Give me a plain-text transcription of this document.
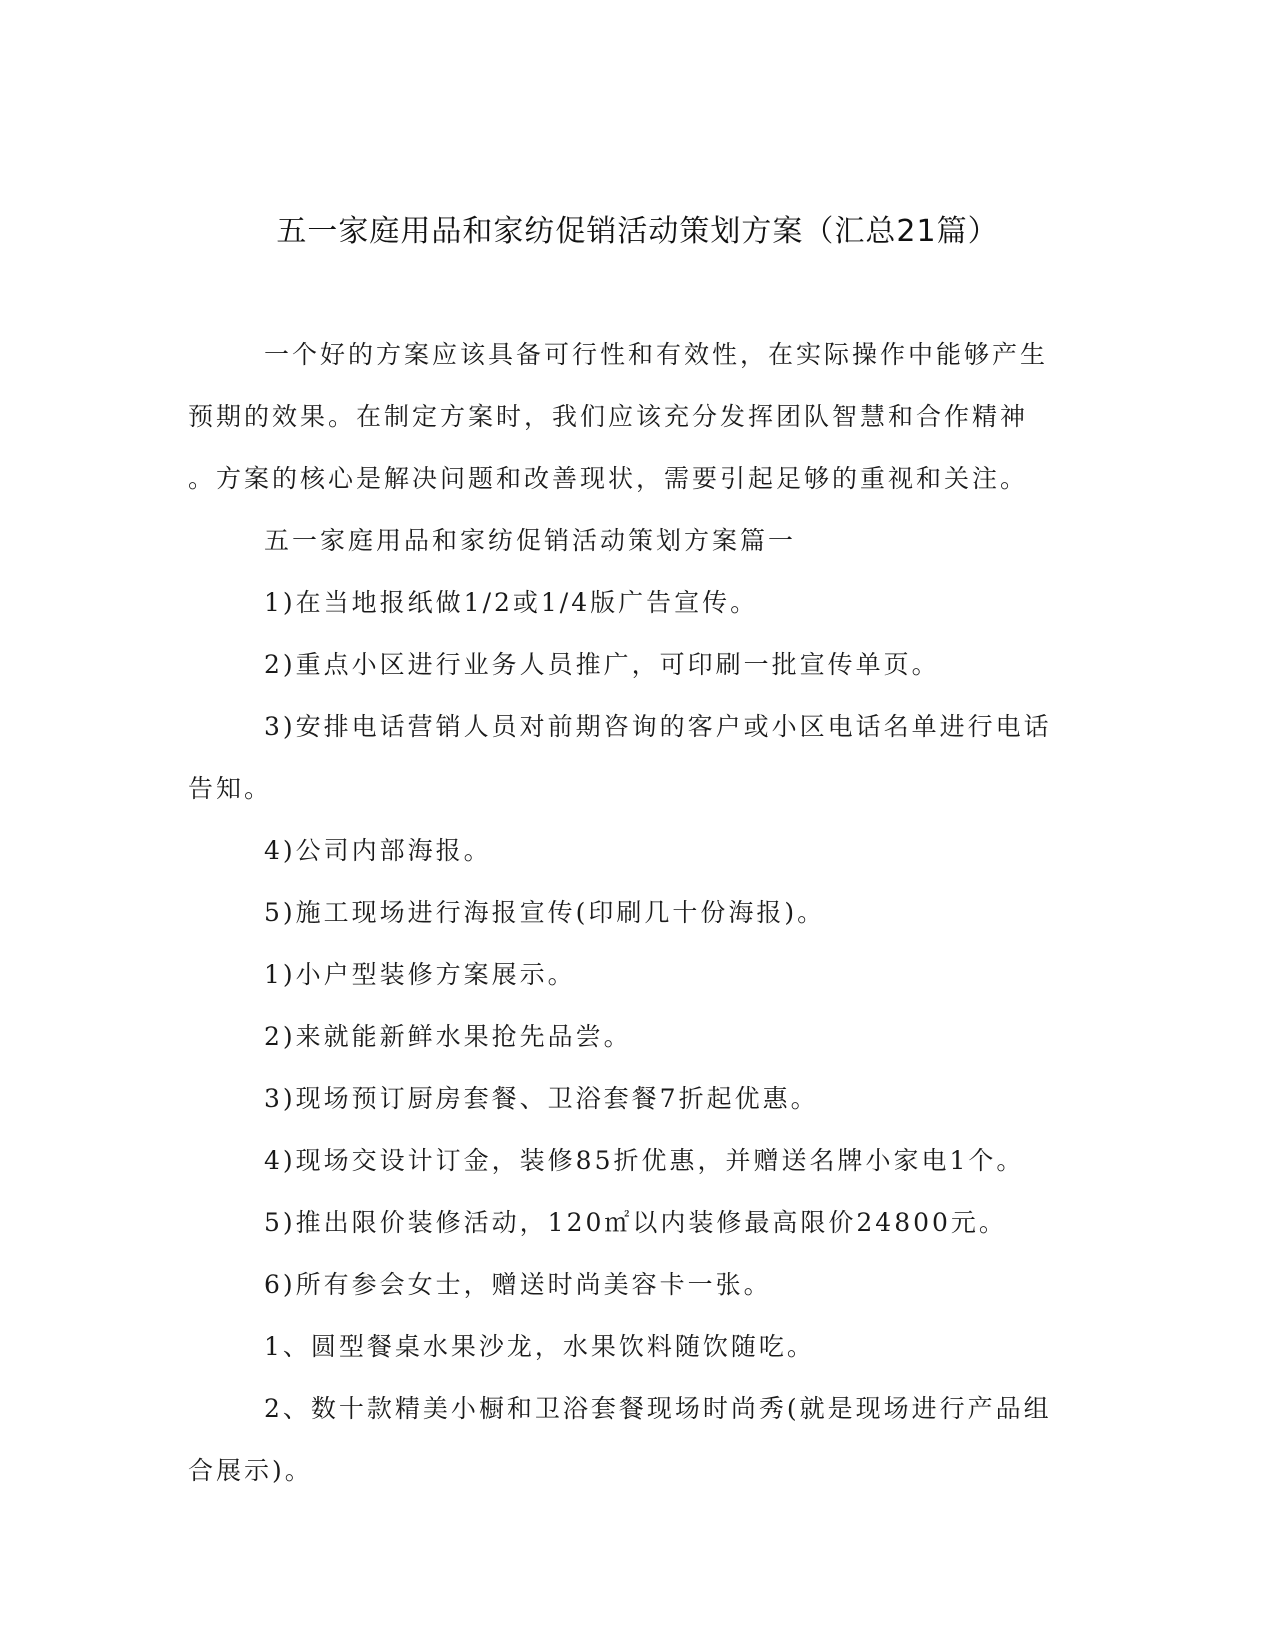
五一家庭用品和家纺促销活动策划方案（汇总21篇）
一个好的方案应该具备可行性和有效性，在实际操作中能够产生
预期的效果。在制定方案时，我们应该充分发挥团队智慧和合作精神
。方案的核心是解决问题和改善现状，需要引起足够的重视和关注。
五一家庭用品和家纺促销活动策划方案篇一
1)在当地报纸做1/2或1/4版广告宣传。
2)重点小区进行业务人员推广，可印刷一批宣传单页。
3)安排电话营销人员对前期咨询的客户或小区电话名单进行电话
告知。
4)公司内部海报。
5)施工现场进行海报宣传(印刷几十份海报)。
1)小户型装修方案展示。
2)来就能新鲜水果抢先品尝。
3)现场预订厨房套餐、卫浴套餐7折起优惠。
4)现场交设计订金，装修85折优惠，并赠送名牌小家电1个。
5)推出限价装修活动，120㎡以内装修最高限价24800元。
6)所有参会女士，赠送时尚美容卡一张。
1、圆型餐桌水果沙龙，水果饮料随饮随吃。
2、数十款精美小橱和卫浴套餐现场时尚秀(就是现场进行产品组
合展示)。
